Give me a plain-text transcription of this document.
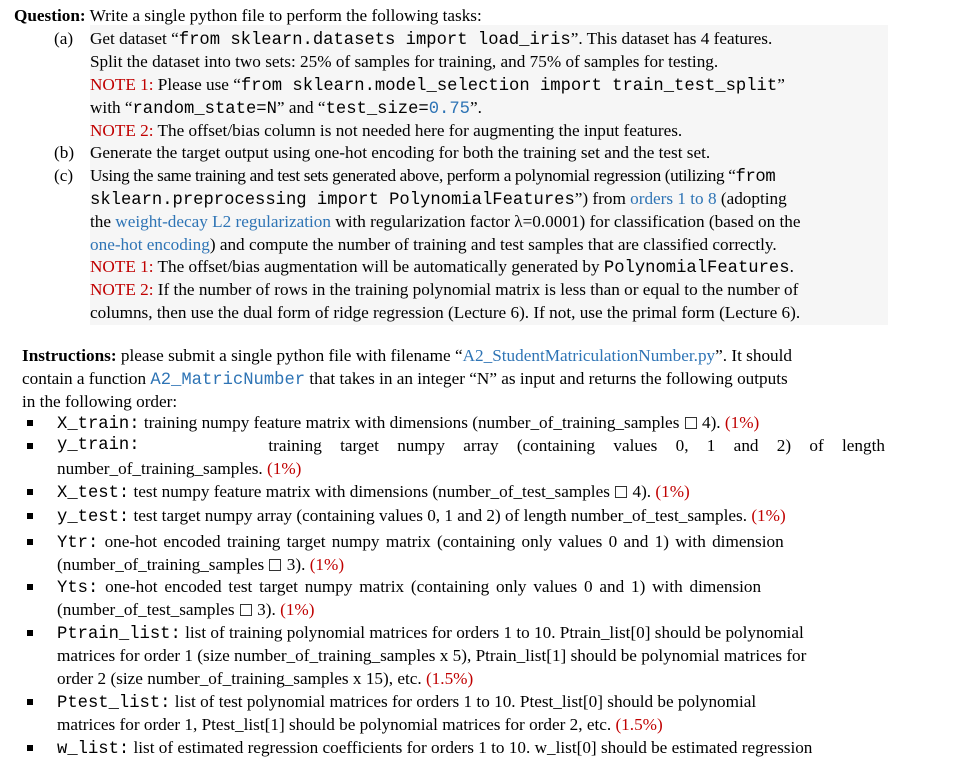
Question: Write a single python file to perform the following tasks:
(a) Get dataset “from sklearn.datasets import load_iris”. This dataset has 4 features.
Split the dataset into two sets: 25% of samples for training, and 75% of samples for testing.
NOTE 1: Please use “from sklearn.model_selection import train_test_split”
with “random_state=N” and “test_size=0.75”.
NOTE 2: The offset/bias column is not needed here for augmenting the input features.
(b) Generate the target output using one-hot encoding for both the training set and the test set.
(c) Using the same training and test sets generated above, perform a polynomial regression (utilizing “from
sklearn.preprocessing import PolynomialFeatures”) from orders 1 to 8 (adopting
the weight-decay L2 regularization with regularization factor λ=0.0001) for classification (based on the
one-hot encoding) and compute the number of training and test samples that are classified correctly.
NOTE 1: The offset/bias augmentation will be automatically generated by PolynomialFeatures.
NOTE 2: If the number of rows in the training polynomial matrix is less than or equal to the number of
columns, then use the dual form of ridge regression (Lecture 6). If not, use the primal form (Lecture 6).
Instructions: please submit a single python file with filename “A2_StudentMatriculationNumber.py”. It should
contain a function A2_MatricNumber that takes in an integer “N” as input and returns the following outputs
in the following order:
X_train: training numpy feature matrix with dimensions (number_of_training_samples  4). (1%)
y_train:	training target numpy array (containing values 0, 1 and 2) of length
number_of_training_samples. (1%)
X_test: test numpy feature matrix with dimensions (number_of_test_samples  4). (1%)
y_test: test target numpy array (containing values 0, 1 and 2) of length number_of_test_samples. (1%)
Ytr: one-hot encoded training target numpy matrix (containing only values 0 and 1) with dimension
(number_of_training_samples  3). (1%)
Yts: one-hot encoded test target numpy matrix (containing only values 0 and 1) with dimension
(number_of_test_samples  3). (1%)
Ptrain_list: list of training polynomial matrices for orders 1 to 10. Ptrain_list[0] should be polynomial
matrices for order 1 (size number_of_training_samples x 5), Ptrain_list[1] should be polynomial matrices for
order 2 (size number_of_training_samples x 15), etc. (1.5%)
Ptest_list: list of test polynomial matrices for orders 1 to 10. Ptest_list[0] should be polynomial
matrices for order 1, Ptest_list[1] should be polynomial matrices for order 2, etc. (1.5%)
w_list: list of estimated regression coefficients for orders 1 to 10. w_list[0] should be estimated regression
